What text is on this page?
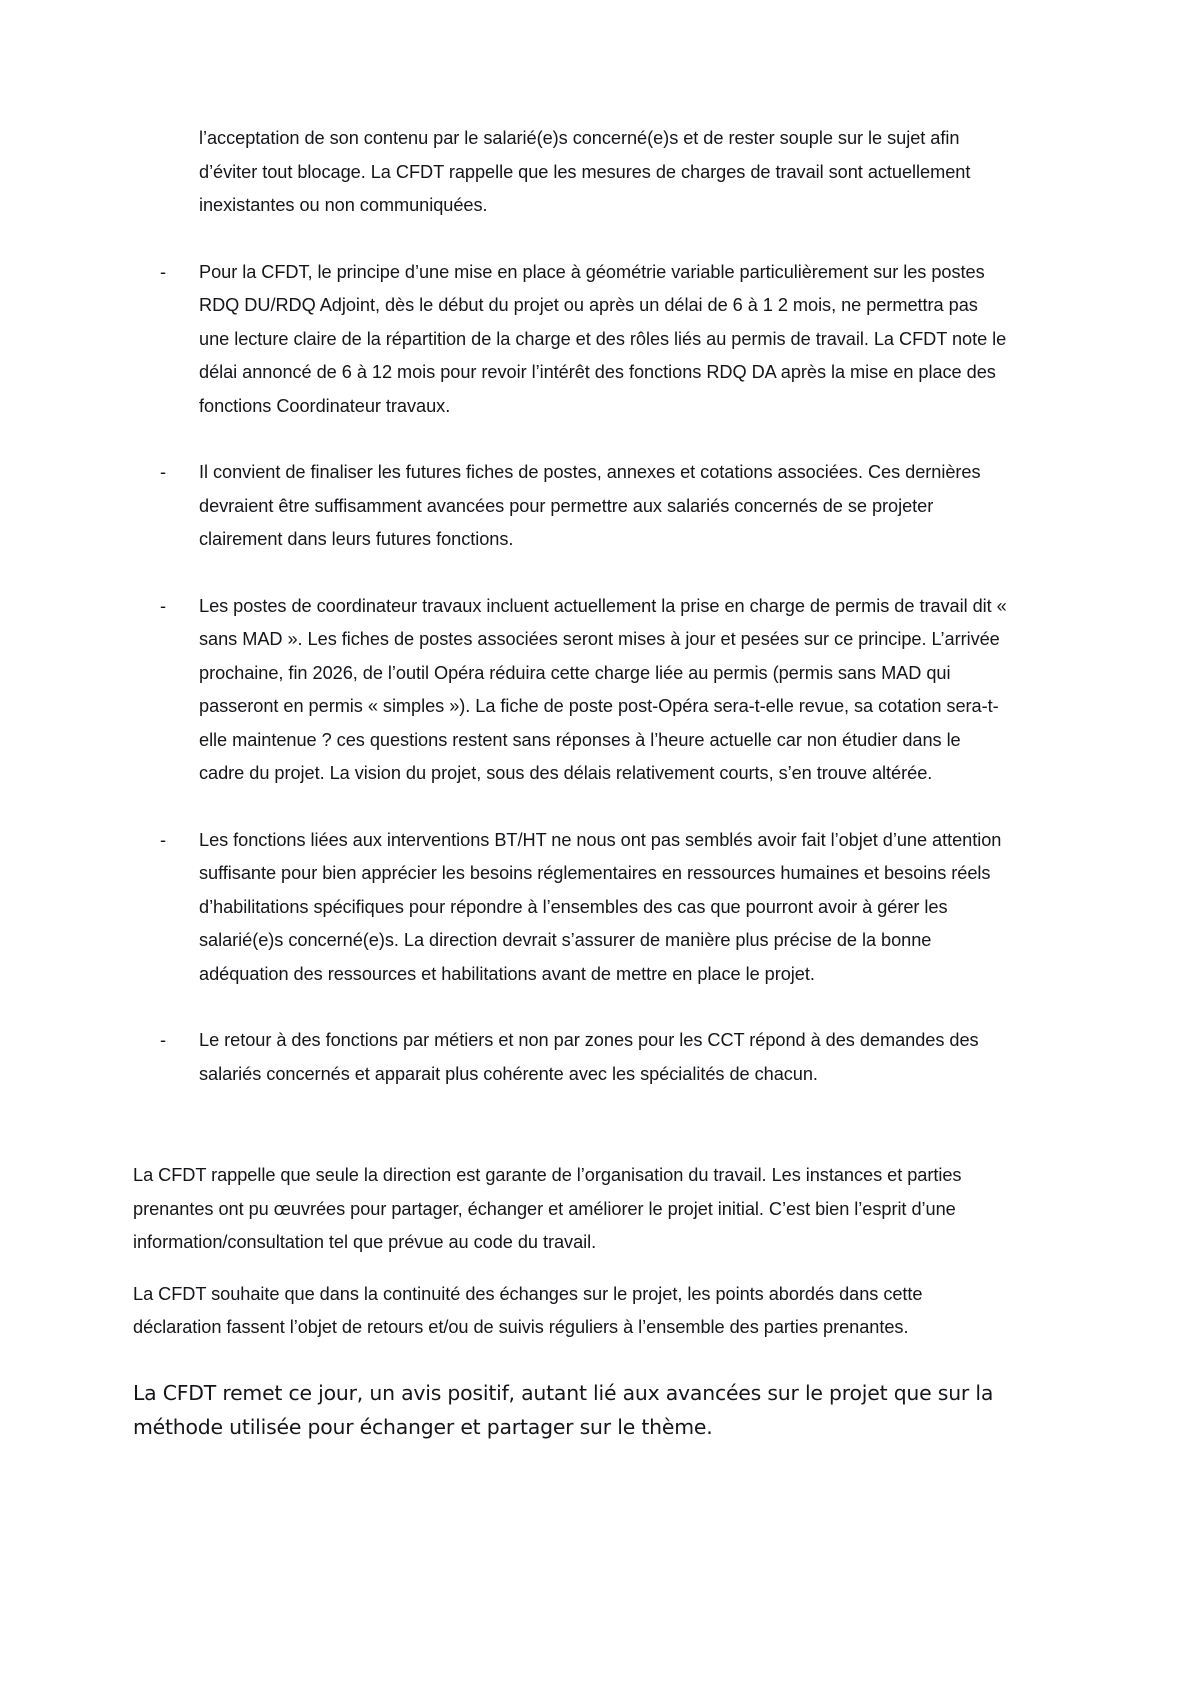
l’acceptation de son contenu par le salarié(e)s concerné(e)s et de rester souple sur le sujet afin d’éviter tout blocage. La CFDT rappelle que les mesures de charges de travail sont actuellement inexistantes ou non communiquées.

-	Pour la CFDT, le principe d’une mise en place à géométrie variable particulièrement sur les postes RDQ DU/RDQ Adjoint, dès le début du projet ou après un délai de 6 à 1 2 mois, ne permettra pas une lecture claire de la répartition de la charge et des rôles liés au permis de travail. La CFDT note le délai annoncé de 6 à 12 mois pour revoir l’intérêt des fonctions RDQ DA après la mise en place des fonctions Coordinateur travaux.
-	Il convient de finaliser les futures fiches de postes, annexes et cotations associées. Ces dernières devraient être suffisamment avancées pour permettre aux salariés concernés de se projeter clairement dans leurs futures fonctions.
-	Les postes de coordinateur travaux incluent actuellement la prise en charge de permis de travail dit « sans MAD ». Les fiches de postes associées seront mises à jour et pesées sur ce principe. L’arrivée prochaine, fin 2026, de l’outil Opéra réduira cette charge liée au permis (permis sans MAD qui passeront en permis « simples »). La fiche de poste post-Opéra sera-t-elle revue, sa cotation sera-t-elle maintenue ? ces questions restent sans réponses à l’heure actuelle car non étudier dans le cadre du projet. La vision du projet, sous des délais relativement courts, s’en trouve altérée.
-	Les fonctions liées aux interventions BT/HT ne nous ont pas semblés avoir fait l’objet d’une attention suffisante pour bien apprécier les besoins réglementaires en ressources humaines et besoins réels d’habilitations spécifiques pour répondre à l’ensembles des cas que pourront avoir à gérer les salarié(e)s concerné(e)s. La direction devrait s’assurer de manière plus précise de la bonne adéquation des ressources et habilitations avant de mettre en place le projet.
-	Le retour à des fonctions par métiers et non par zones pour les CCT répond à des demandes des salariés concernés et apparait plus cohérente avec les spécialités de chacun.

La CFDT rappelle que seule la direction est garante de l’organisation du travail. Les instances et parties prenantes ont pu œuvrées pour partager, échanger et améliorer le projet initial. C’est bien l’esprit d’une information/consultation tel que prévue au code du travail.

La CFDT souhaite que dans la continuité des échanges sur le projet, les points abordés dans cette déclaration fassent l’objet de retours et/ou de suivis réguliers à l’ensemble des parties prenantes.

La CFDT remet ce jour, un avis positif, autant lié aux avancées sur le projet que sur la méthode utilisée pour échanger et partager sur le thème.
